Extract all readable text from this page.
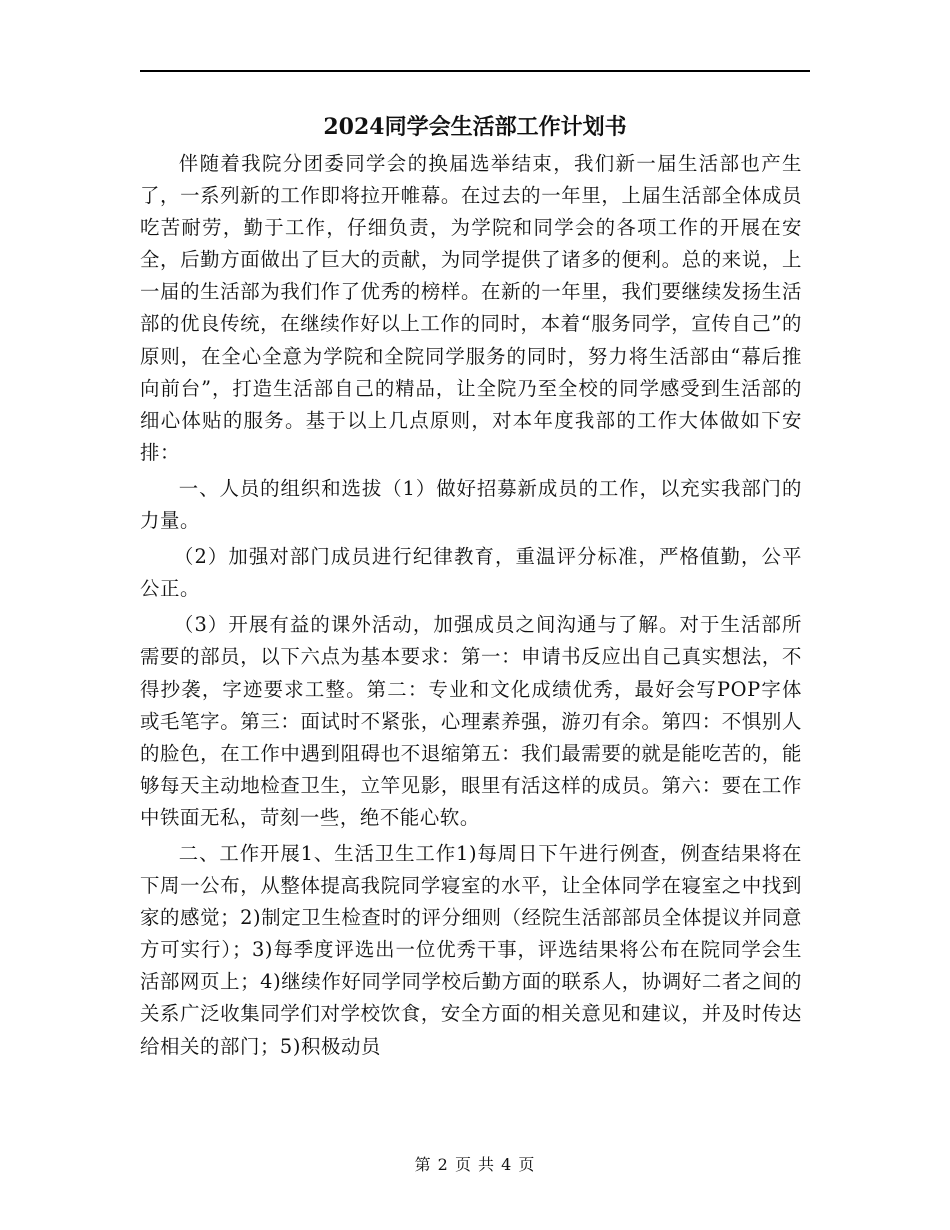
2024同学会生活部工作计划书

伴随着我院分团委同学会的换届选举结束，我们新一届生活部也产生了，一系列新的工作即将拉开帷幕。在过去的一年里，上届生活部全体成员吃苦耐劳，勤于工作，仔细负责，为学院和同学会的各项工作的开展在安全，后勤方面做出了巨大的贡献，为同学提供了诸多的便利。总的来说，上一届的生活部为我们作了优秀的榜样。在新的一年里，我们要继续发扬生活部的优良传统，在继续作好以上工作的同时，本着“服务同学，宣传自己”的原则，在全心全意为学院和全院同学服务的同时，努力将生活部由“幕后推向前台”，打造生活部自己的精品，让全院乃至全校的同学感受到生活部的细心体贴的服务。基于以上几点原则，对本年度我部的工作大体做如下安排：

一、人员的组织和选拔（1）做好招募新成员的工作，以充实我部门的力量。

（2）加强对部门成员进行纪律教育，重温评分标准，严格值勤，公平公正。

（3）开展有益的课外活动，加强成员之间沟通与了解。对于生活部所需要的部员，以下六点为基本要求：第一：申请书反应出自己真实想法，不得抄袭，字迹要求工整。第二：专业和文化成绩优秀，最好会写POP字体或毛笔字。第三：面试时不紧张，心理素养强，游刃有余。第四：不惧别人的脸色，在工作中遇到阻碍也不退缩第五：我们最需要的就是能吃苦的，能够每天主动地检查卫生，立竿见影，眼里有活这样的成员。第六：要在工作中铁面无私，苛刻一些，绝不能心软。

二、工作开展1、生活卫生工作1)每周日下午进行例查，例查结果将在下周一公布，从整体提高我院同学寝室的水平，让全体同学在寝室之中找到家的感觉；2)制定卫生检查时的评分细则（经院生活部部员全体提议并同意方可实行）；3)每季度评选出一位优秀干事，评选结果将公布在院同学会生活部网页上；4)继续作好同学同学校后勤方面的联系人，协调好二者之间的关系广泛收集同学们对学校饮食，安全方面的相关意见和建议，并及时传达给相关的部门；5)积极动员

第 2 页 共 4 页
